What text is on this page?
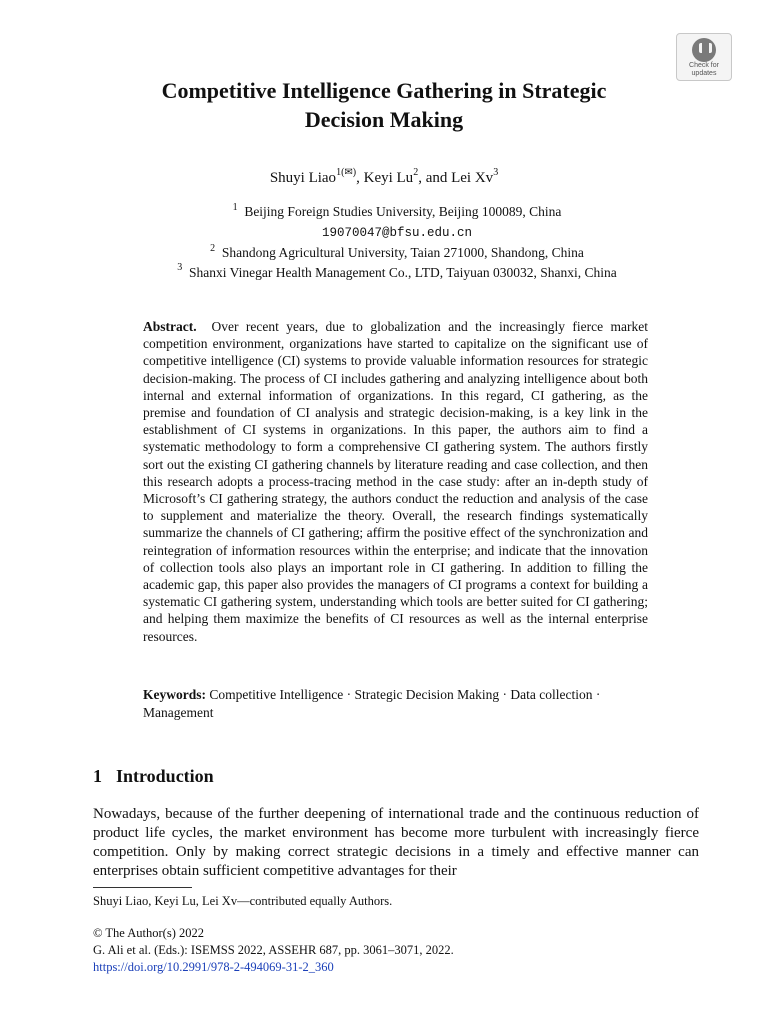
Check for
updates
Competitive Intelligence Gathering in Strategic
Decision Making
Shuyi Liao$^{1(✉)}$, Keyi Lu$^2$, and Lei Xv$^3$
$^1$ Beijing Foreign Studies University, Beijing 100089, China
19070047@bfsu.edu.cn
$^2$ Shandong Agricultural University, Taian 271000, Shandong, China
$^3$ Shanxi Vinegar Health Management Co., LTD, Taiyuan 030032, Shanxi, China

Abstract. Over recent years, due to globalization and the increasingly fierce market competition environment, organizations have started to capitalize on the significant use of competitive intelligence (CI) systems to provide valuable information resources for strategic decision-making. The process of CI includes gathering and analyzing intelligence about both internal and external information of organizations. In this regard, CI gathering, as the premise and foundation of CI analysis and strategic decision-making, is a key link in the establishment of CI systems in organizations. In this paper, the authors aim to find a systematic methodology to form a comprehensive CI gathering system. The authors firstly sort out the existing CI gathering channels by literature reading and case collection, and then this research adopts a process-tracing method in the case study: after an in-depth study of Microsoft’s CI gathering strategy, the authors conduct the reduction and analysis of the case to supplement and materialize the theory. Overall, the research findings systematically summarize the channels of CI gathering; affirm the positive effect of the synchronization and reintegration of information resources within the enterprise; and indicate that the innovation of collection tools also plays an important role in CI gathering. In addition to filling the academic gap, this paper also provides the managers of CI programs a context for building a systematic CI gathering system, understanding which tools are better suited for CI gathering; and helping them maximize the benefits of CI resources as well as the internal enterprise resources.

Keywords: Competitive Intelligence · Strategic Decision Making · Data collection · Management

1 Introduction

Nowadays, because of the further deepening of international trade and the continuous reduction of product life cycles, the market environment has become more turbulent with increasingly fierce competition. Only by making correct strategic decisions in a timely and effective manner can enterprises obtain sufficient competitive advantages for their

Shuyi Liao, Keyi Lu, Lei Xv—contributed equally Authors.

© The Author(s) 2022
G. Ali et al. (Eds.): ISEMSS 2022, ASSEHR 687, pp. 3061–3071, 2022.
https://doi.org/10.2991/978-2-494069-31-2_360
